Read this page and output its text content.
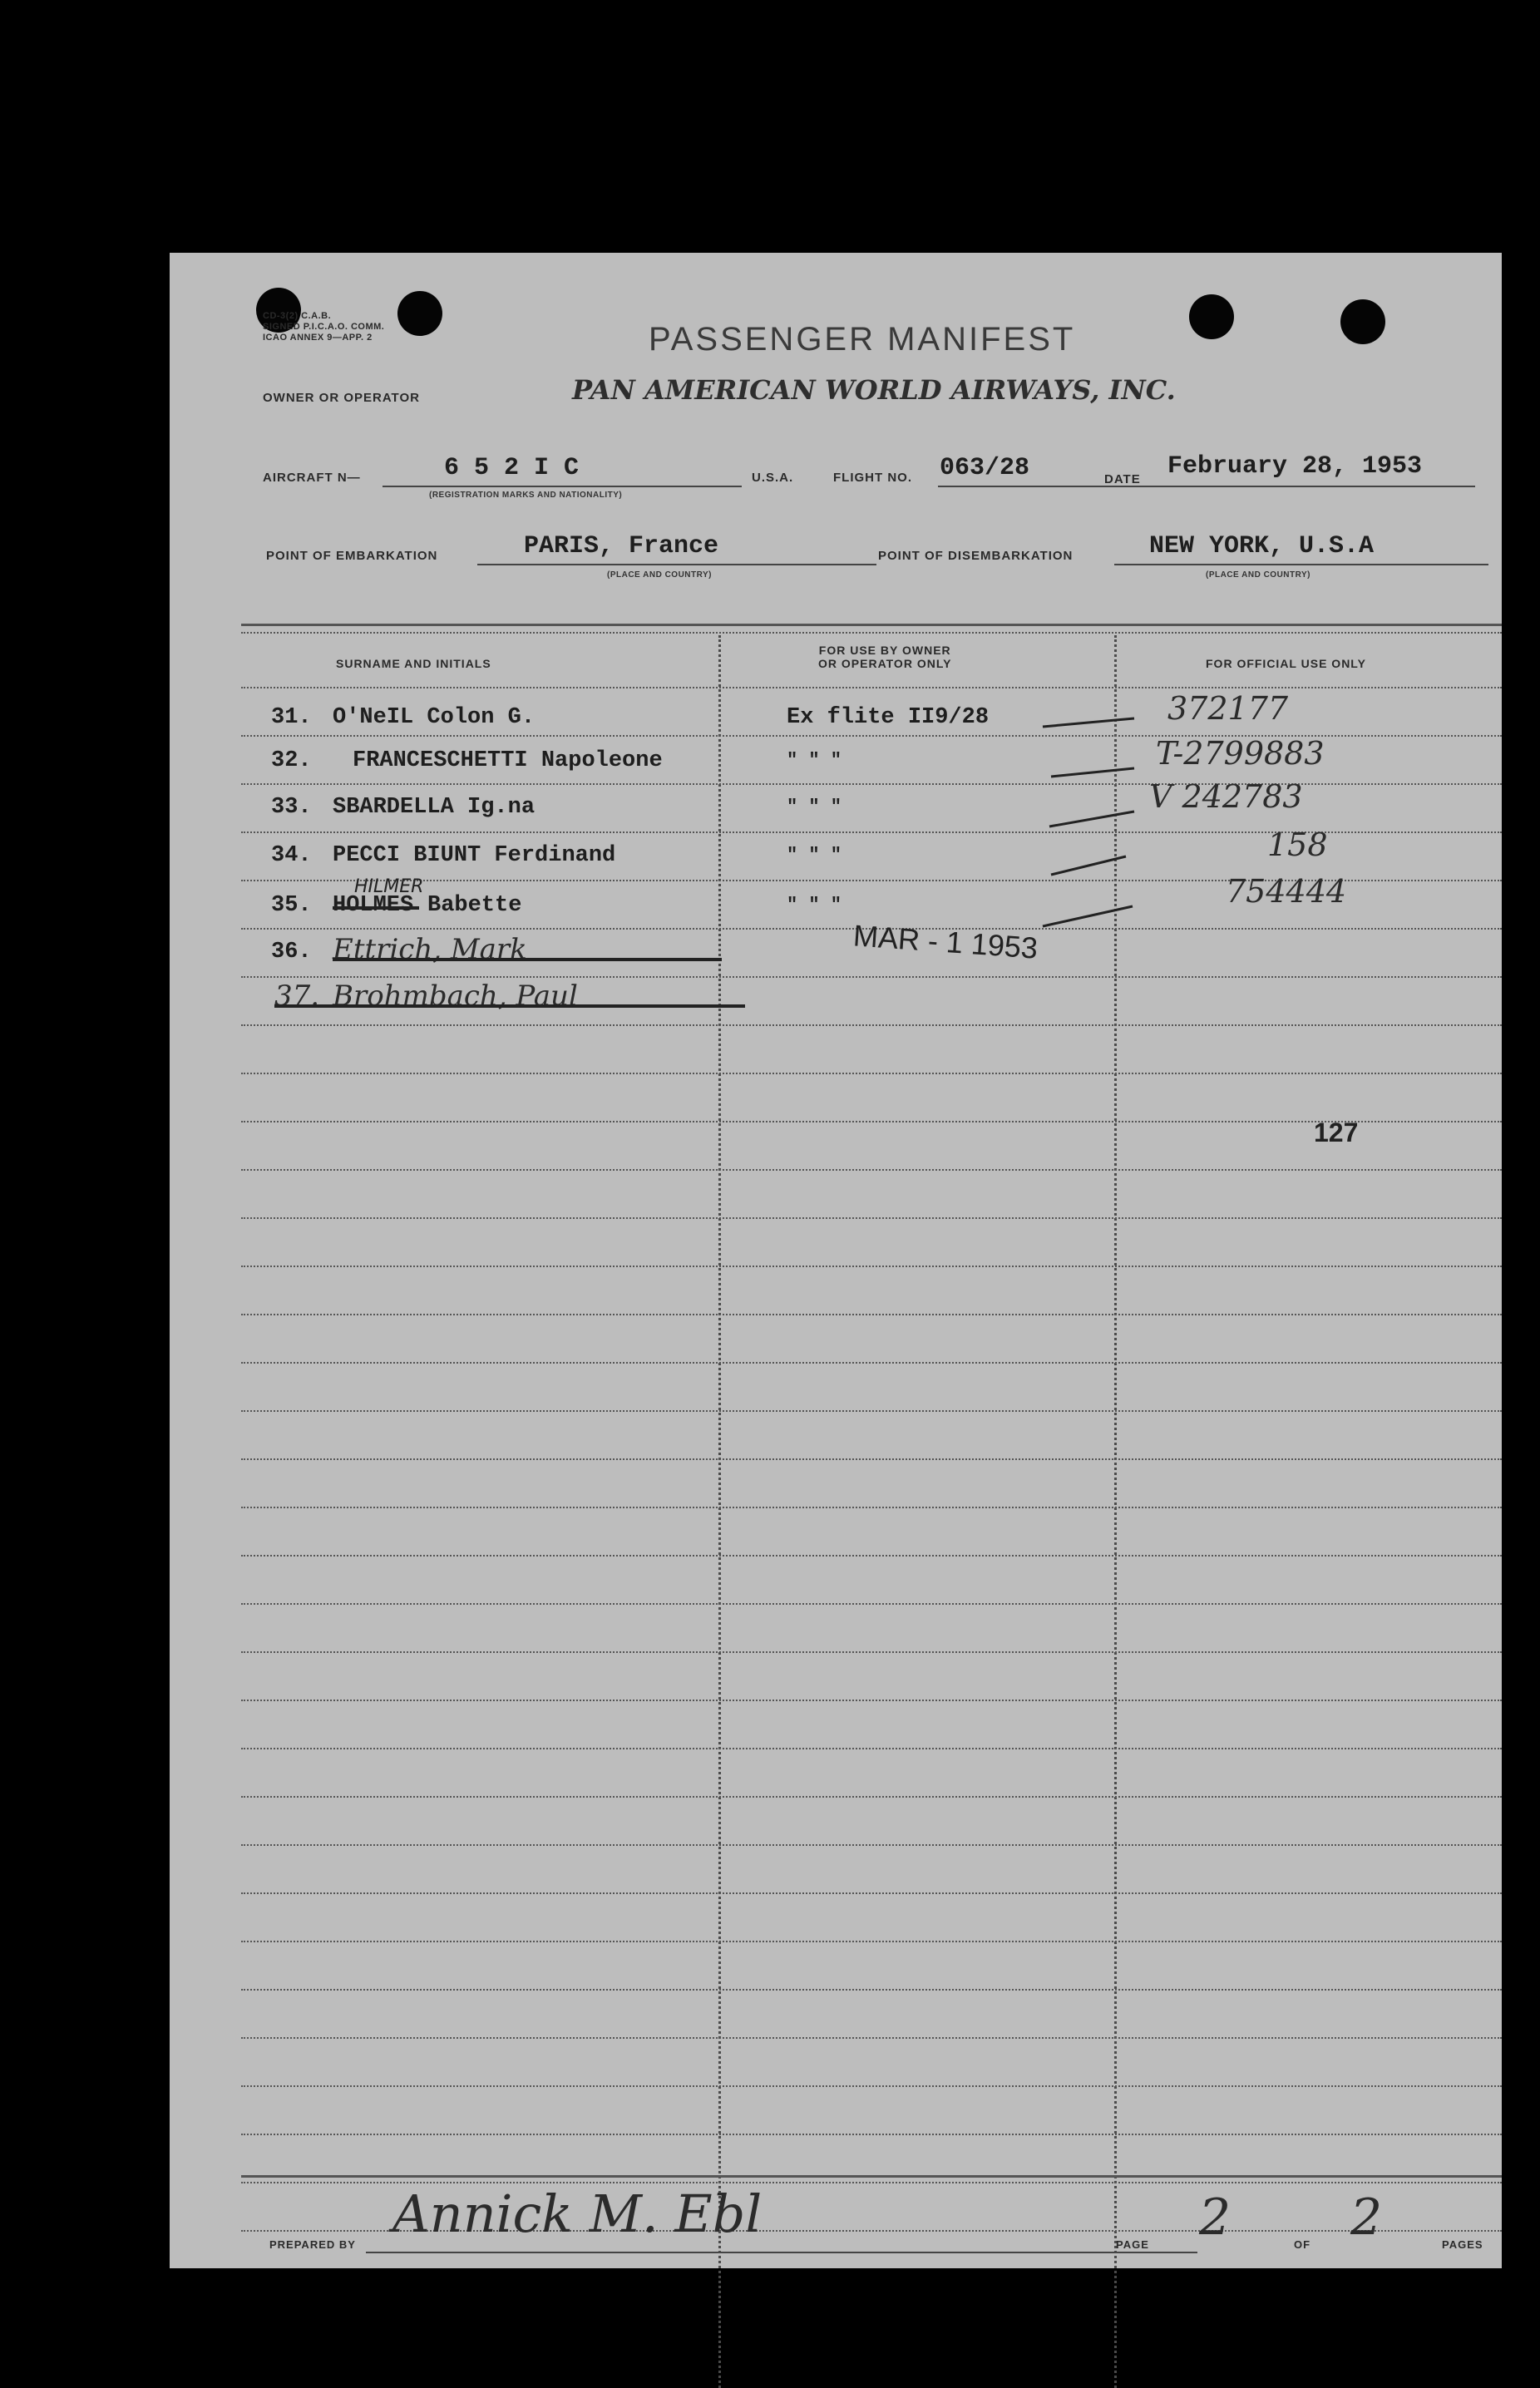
CD-3(2) C.A.B.
SIGNED P.I.C.A.O. COMM.
ICAO ANNEX 9—APP. 2	PASSENGER MANIFEST
OWNER OR OPERATOR	PAN AMERICAN WORLD AIRWAYS, INC.
AIRCRAFT N—	6 5 2 I C
(REGISTRATION MARKS AND NATIONALITY)
U.S.A.	FLIGHT NO. 063/28	DATE February 28, 1953
POINT OF EMBARKATION	PARIS, France
(PLACE AND COUNTRY)
POINT OF DISEMBARKATION	NEW YORK, U.S.A
(PLACE AND COUNTRY)
SURNAME AND INITIALS
FOR USE BY OWNER
OR OPERATOR ONLY	FOR OFFICIAL USE ONLY
31. O'NeIL Colon G.	Ex flite II9/28	372177
32. FRANCESCHETTI Napoleone	" " "	T-2799883
33. SBARDELLA Ig.na	" " "	V 242783
34. PECCI BIUNT Ferdinand	" " "	158
HILMER
35. HOLMES Babette	" " "	754444
36. Ettrich, Mark
37. Brohmbach, Paul
MAR - 1 1953
127
PREPARED BY
Annick M. Ebl
PAGE 2	OF 2	PAGES
